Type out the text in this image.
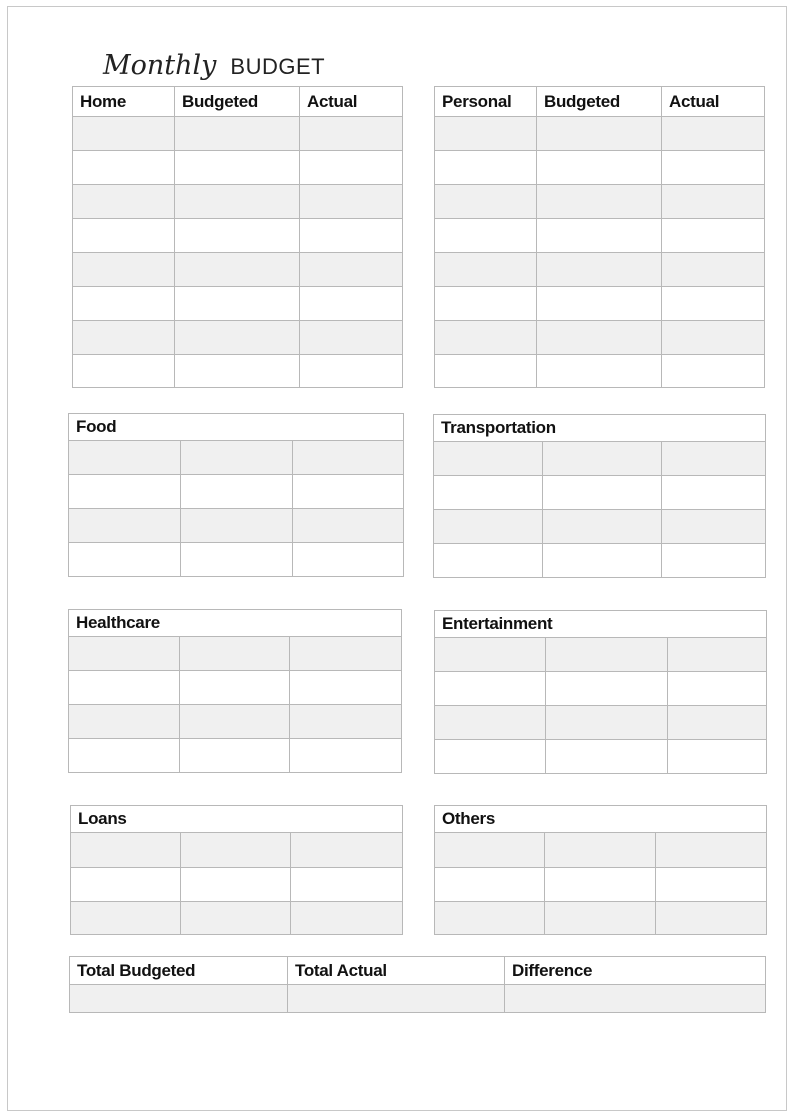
Monthly BUDGET
Home	Budgeted	Actual

			Personal	Budgeted	Actual

Food		

			Transportation		

Healthcare		

			Entertainment		

Loans		

			Others		

Total Budgeted	Total Actual	Difference
